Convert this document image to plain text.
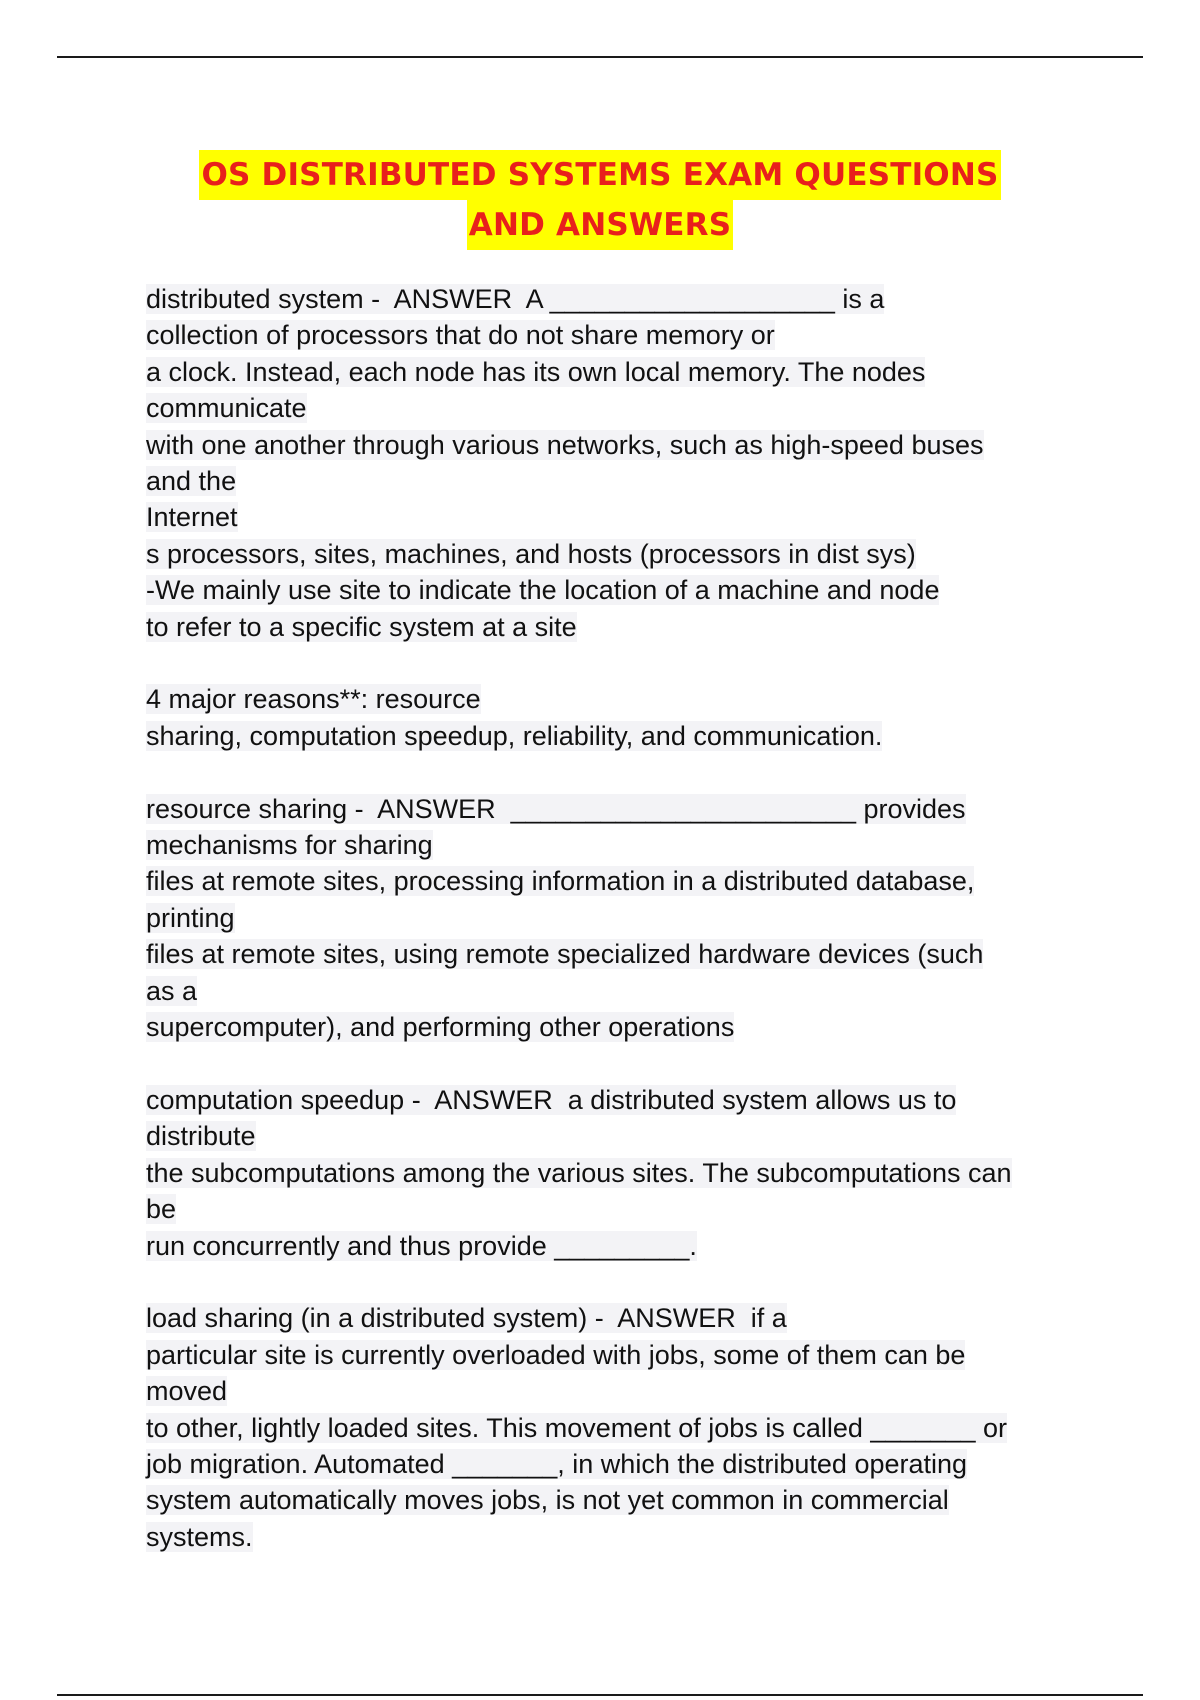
OS DISTRIBUTED SYSTEMS EXAM QUESTIONS
AND ANSWERS
distributed system -  ANSWER  A ___________________ is a
collection of processors that do not share memory or
a clock. Instead, each node has its own local memory. The nodes
communicate
with one another through various networks, such as high-speed buses
and the
Internet
s processors, sites, machines, and hosts (processors in dist sys)
-We mainly use site to indicate the location of a machine and node
to refer to a specific system at a site
4 major reasons**: resource
sharing, computation speedup, reliability, and communication.
resource sharing -  ANSWER  _______________________ provides
mechanisms for sharing
files at remote sites, processing information in a distributed database,
printing
files at remote sites, using remote specialized hardware devices (such
as a
supercomputer), and performing other operations
computation speedup -  ANSWER  a distributed system allows us to
distribute
the subcomputations among the various sites. The subcomputations can
be
run concurrently and thus provide _________.
load sharing (in a distributed system) -  ANSWER  if a
particular site is currently overloaded with jobs, some of them can be
moved
to other, lightly loaded sites. This movement of jobs is called _______ or
job migration. Automated _______, in which the distributed operating
system automatically moves jobs, is not yet common in commercial
systems.
